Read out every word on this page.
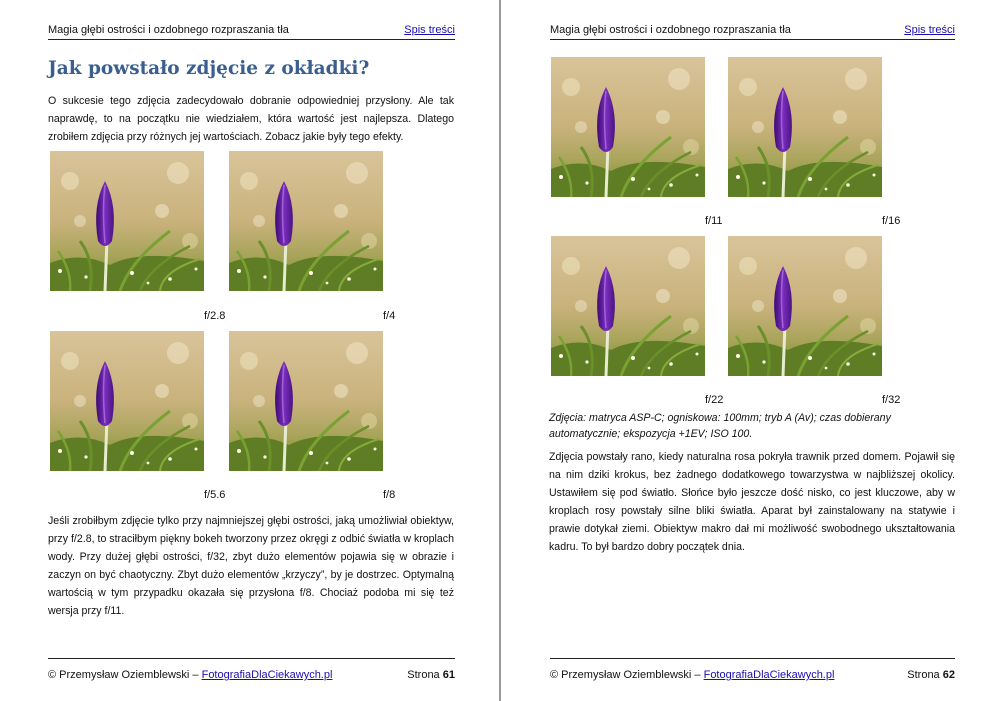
Magia głębi ostrości i ozdobnego rozpraszania tła	Spis treści
Jak powstało zdjęcie z okładki?

O sukcesie tego zdjęcia zadecydowało dobranie odpowiedniej przysłony. Ale tak naprawdę, to na początku nie wiedziałem, która wartość jest najlepsza. Dlatego zrobiłem zdjęcia przy różnych jej wartościach. Zobacz jakie były tego efekty.

f/2.8	f/4
f/5.6	f/8

Jeśli zrobiłbym zdjęcie tylko przy najmniejszej głębi ostrości, jaką umożliwiał obiektyw, przy f/2.8, to straciłbym piękny bokeh tworzony przez okręgi z odbić światła w kroplach wody. Przy dużej głębi ostrości, f/32, zbyt dużo elementów pojawia się w obrazie i zaczyn on być chaotyczny. Zbyt dużo elementów „krzyczy”, by je dostrzec. Optymalną wartością w tym przypadku okazała się przysłona f/8. Chociaż podoba mi się też wersja przy f/11.

© Przemysław Oziemblewski – FotografiaDlaCiekawych.pl	Strona 61
Magia głębi ostrości i ozdobnego rozpraszania tła	Spis treści
f/11	f/16
f/22	f/32
© Przemysław Oziemblewski – FotografiaDlaCiekawych.pl	Strona 62

Zdjęcia: matryca ASP-C; ogniskowa: 100mm; tryb A (Av); czas dobierany automatycznie; ekspozycja +1EV; ISO 100.

Zdjęcia powstały rano, kiedy naturalna rosa pokryła trawnik przed domem. Pojawił się na nim dziki krokus, bez żadnego dodatkowego towarzystwa w najbliższej okolicy. Ustawiłem się pod światło. Słońce było jeszcze dość nisko, co jest kluczowe, aby w kroplach rosy powstały silne bliki światła. Aparat był zainstalowany na statywie i prawie dotykał ziemi. Obiektyw makro dał mi możliwość swobodnego ukształtowania kadru. To był bardzo dobry początek dnia.
